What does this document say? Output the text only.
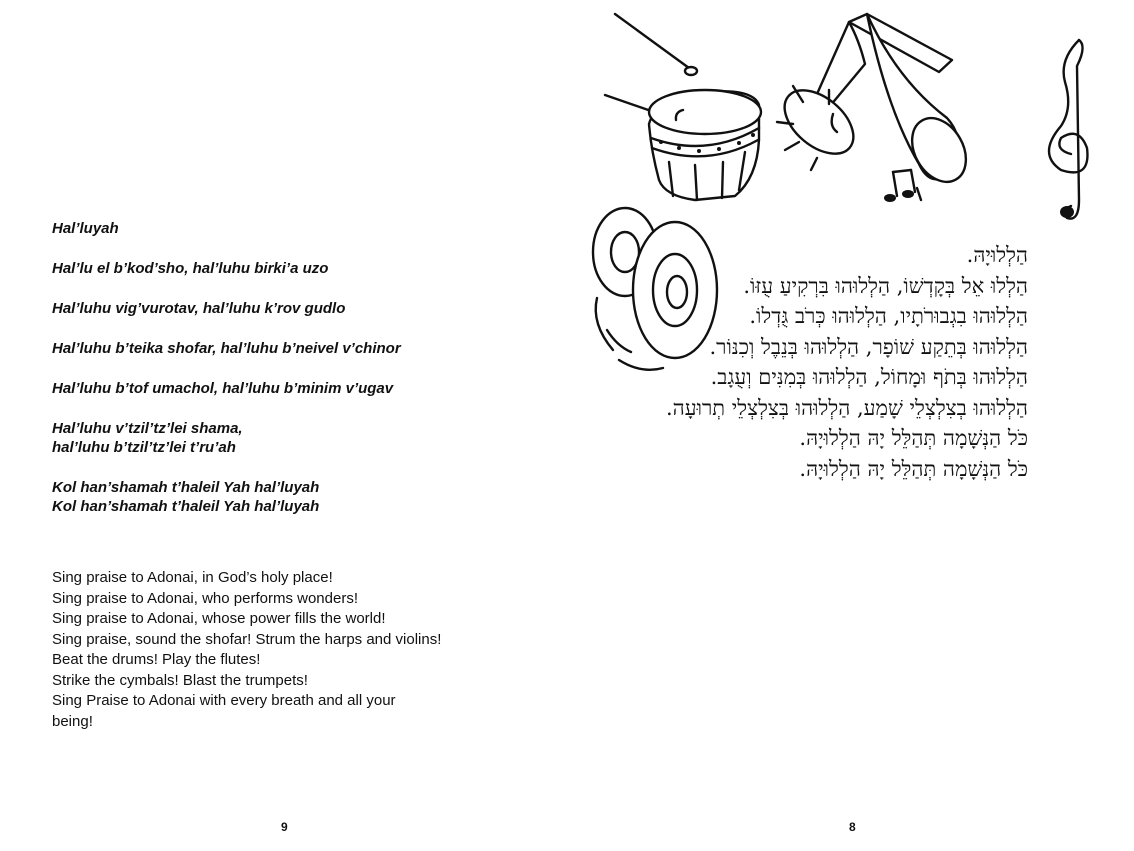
Hal’luyah

Hal’lu el b’kod’sho, hal’luhu birki’a uzo

Hal’luhu vig’vurotav, hal’luhu k’rov gudlo

Hal’luhu b’teika shofar, hal’luhu b’neivel v’chinor

Hal’luhu b’tof umachol, hal’luhu b’minim v’ugav

Hal’luhu v’tzil’tz’lei shama,
hal’luhu b’tzil’tz’lei t’ru’ah

Kol han’shamah t’haleil Yah hal’luyah
Kol han’shamah t’haleil Yah hal’luyah

Sing praise to Adonai, in God’s holy place!
Sing praise to Adonai, who performs wonders!
Sing praise to Adonai, whose power fills the world!
Sing praise, sound the shofar! Strum the harps and violins!
Beat the drums! Play the flutes!
Strike the cymbals! Blast the trumpets!
Sing Praise to Adonai with every breath and all your
being!
9
הַלְלוּיָהּ.
הַלְלוּ אֵל בְּקָדְשׁוֹ, הַלְלוּהוּ בִּרְקִיעַ עֻזּוֹ.
הַלְלוּהוּ בִגְבוּרֹתָיו, הַלְלוּהוּ כְּרֹב גֻּדְלוֹ.
הַלְלוּהוּ בְּתֵקַע שׁוֹפָר, הַלְלוּהוּ בְּנֵבֶל וְכִנּוֹר.
הַלְלוּהוּ בְּתֹף וּמָחוֹל, הַלְלוּהוּ בְּמִנִּים וְעֻגָב.
הַלְלוּהוּ בְצִלְצְלֵי שָׁמַע, הַלְלוּהוּ בְּצִלְצְלֵי תְרוּעָה.
כֹּל הַנְּשָׁמָה תְּהַלֵּל יָהּ הַלְלוּיָהּ.
כֹּל הַנְּשָׁמָה תְּהַלֵּל יָהּ הַלְלוּיָהּ.
8
